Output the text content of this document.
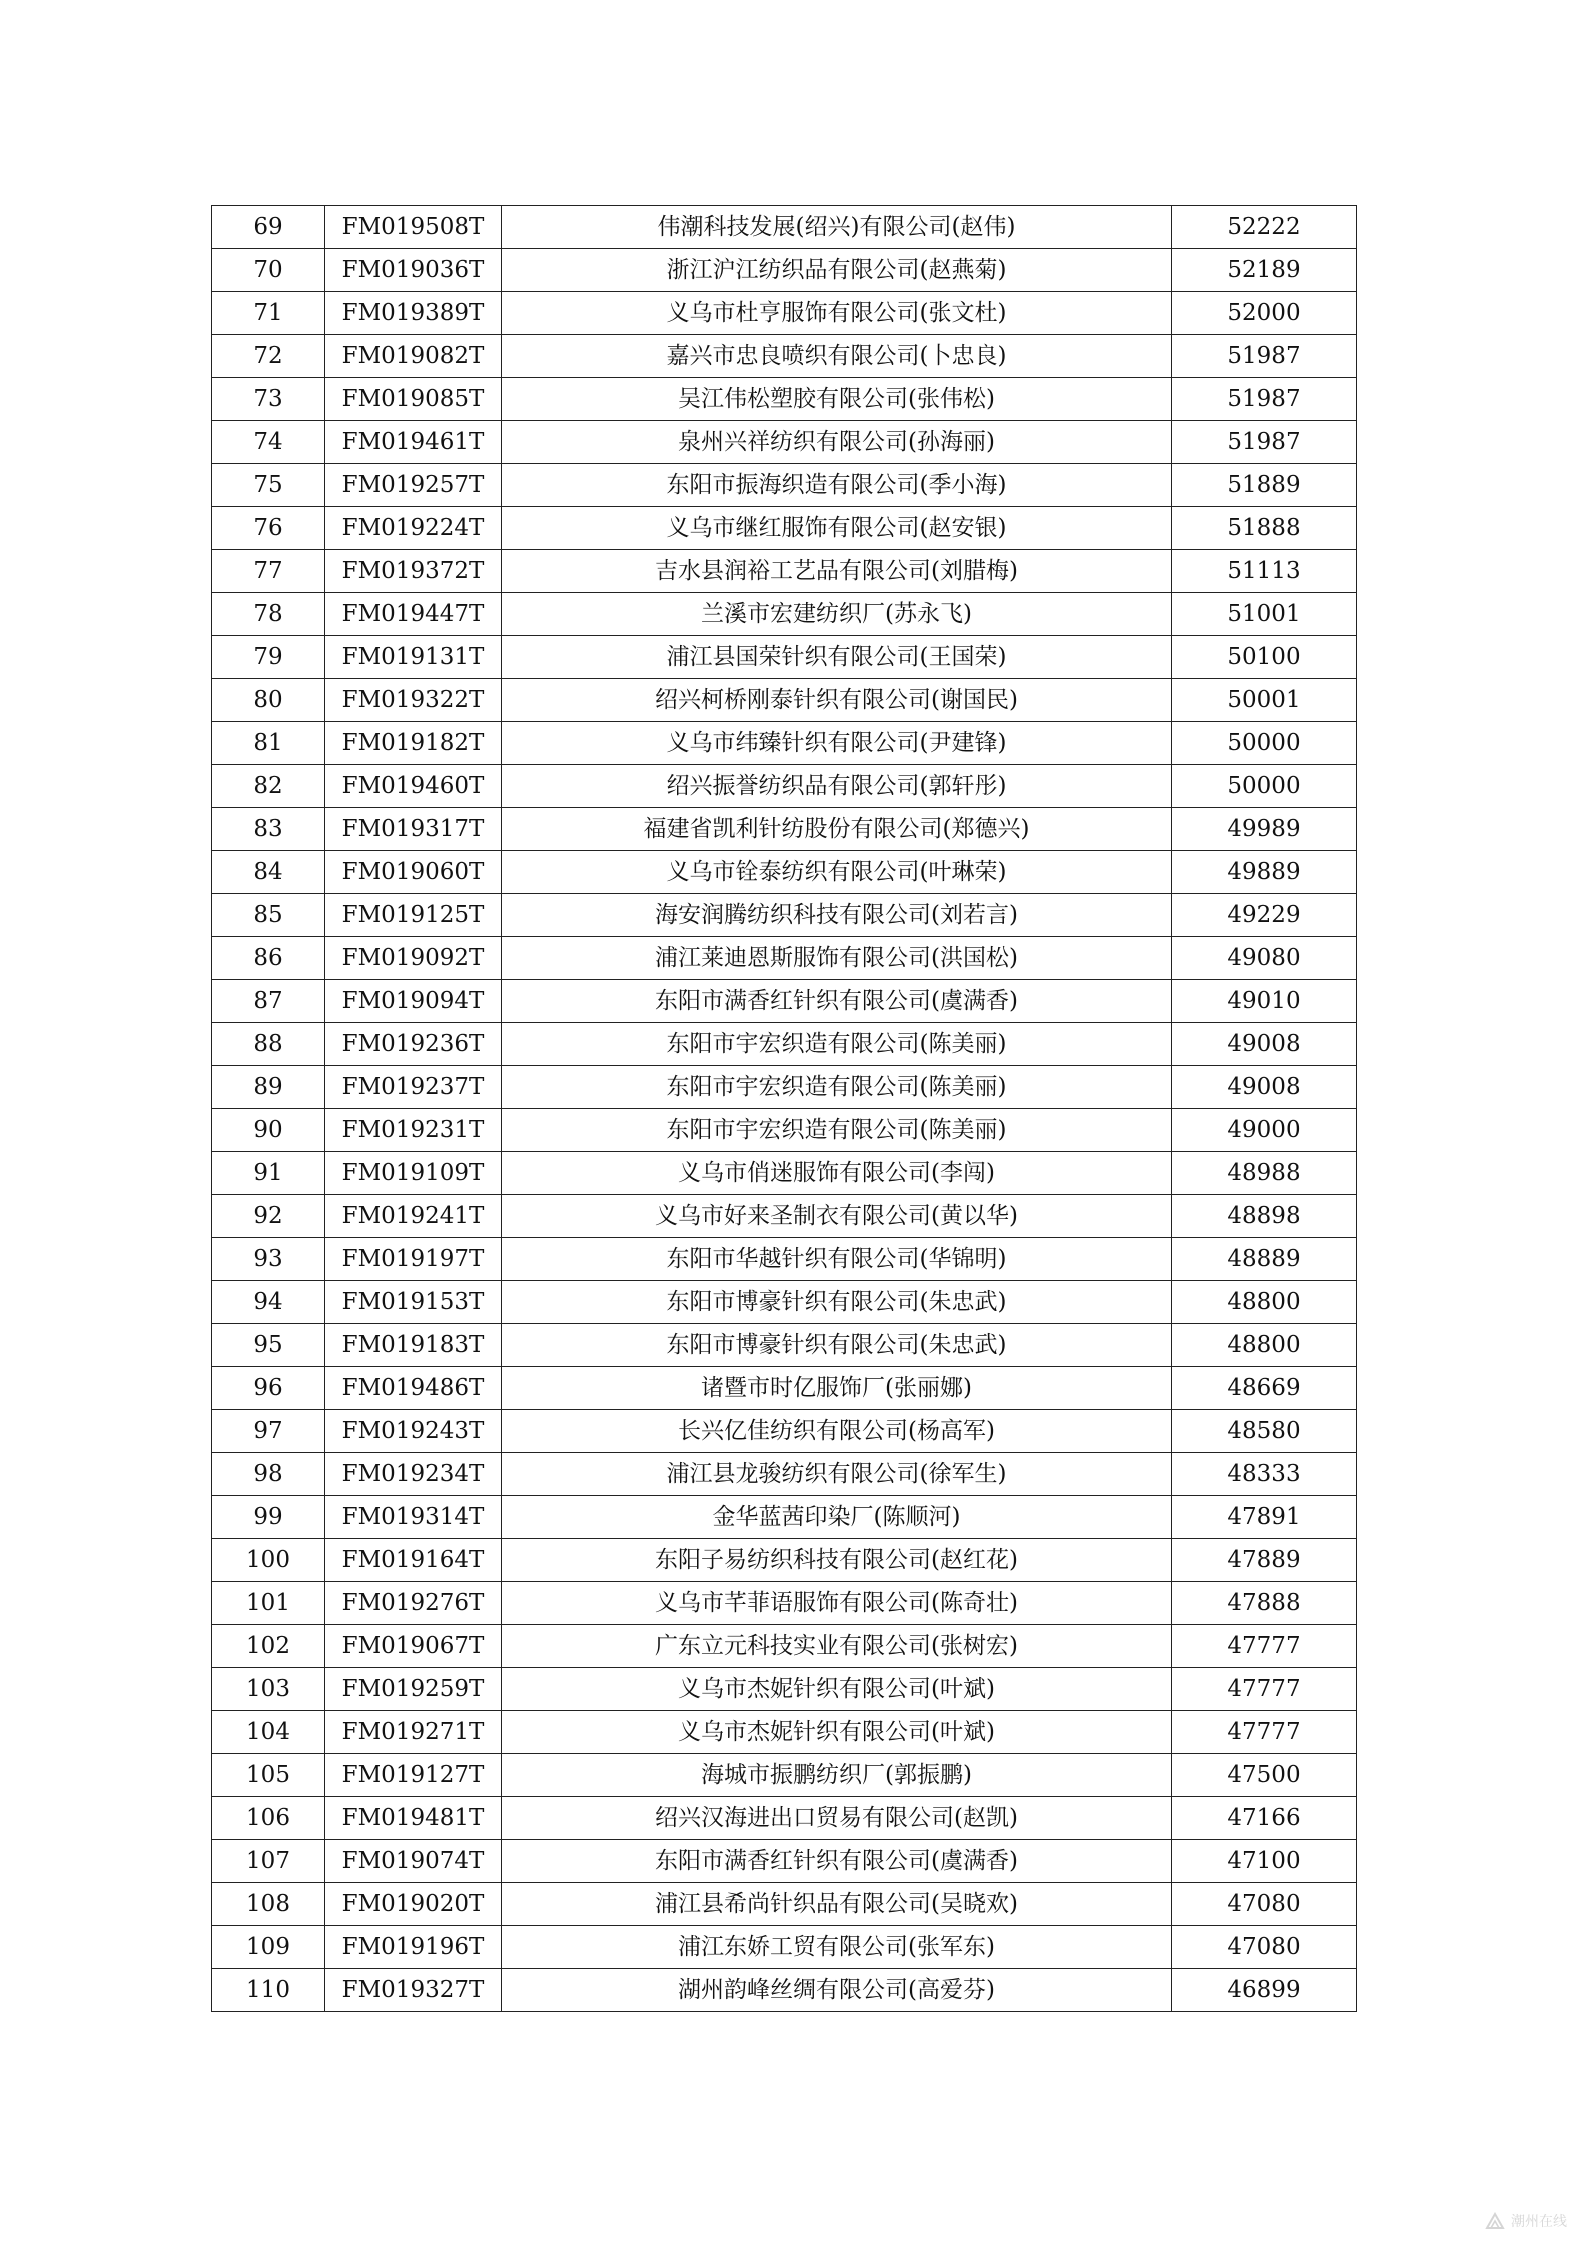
69	FM019508T	伟潮科技发展(绍兴)有限公司(赵伟)	52222
70	FM019036T	浙江沪江纺织品有限公司(赵燕菊)	52189
71	FM019389T	义乌市杜亨服饰有限公司(张文杜)	52000
72	FM019082T	嘉兴市忠良喷织有限公司(卜忠良)	51987
73	FM019085T	吴江伟松塑胶有限公司(张伟松)	51987
74	FM019461T	泉州兴祥纺织有限公司(孙海丽)	51987
75	FM019257T	东阳市振海织造有限公司(季小海)	51889
76	FM019224T	义乌市继红服饰有限公司(赵安银)	51888
77	FM019372T	吉水县润裕工艺品有限公司(刘腊梅)	51113
78	FM019447T	兰溪市宏建纺织厂(苏永飞)	51001
79	FM019131T	浦江县国荣针织有限公司(王国荣)	50100
80	FM019322T	绍兴柯桥刚泰针织有限公司(谢国民)	50001
81	FM019182T	义乌市纬臻针织有限公司(尹建锋)	50000
82	FM019460T	绍兴振誉纺织品有限公司(郭轩彤)	50000
83	FM019317T	福建省凯利针纺股份有限公司(郑德兴)	49989
84	FM019060T	义乌市铨泰纺织有限公司(叶琳荣)	49889
85	FM019125T	海安润腾纺织科技有限公司(刘若言)	49229
86	FM019092T	浦江莱迪恩斯服饰有限公司(洪国松)	49080
87	FM019094T	东阳市满香红针织有限公司(虞满香)	49010
88	FM019236T	东阳市宇宏织造有限公司(陈美丽)	49008
89	FM019237T	东阳市宇宏织造有限公司(陈美丽)	49008
90	FM019231T	东阳市宇宏织造有限公司(陈美丽)	49000
91	FM019109T	义乌市俏迷服饰有限公司(李闯)	48988
92	FM019241T	义乌市好来圣制衣有限公司(黄以华)	48898
93	FM019197T	东阳市华越针织有限公司(华锦明)	48889
94	FM019153T	东阳市博豪针织有限公司(朱忠武)	48800
95	FM019183T	东阳市博豪针织有限公司(朱忠武)	48800
96	FM019486T	诸暨市时亿服饰厂(张丽娜)	48669
97	FM019243T	长兴亿佳纺织有限公司(杨高军)	48580
98	FM019234T	浦江县龙骏纺织有限公司(徐军生)	48333
99	FM019314T	金华蓝茜印染厂(陈顺河)	47891
100	FM019164T	东阳子易纺织科技有限公司(赵红花)	47889
101	FM019276T	义乌市芊菲语服饰有限公司(陈奇壮)	47888
102	FM019067T	广东立元科技实业有限公司(张树宏)	47777
103	FM019259T	义乌市杰妮针织有限公司(叶斌)	47777
104	FM019271T	义乌市杰妮针织有限公司(叶斌)	47777
105	FM019127T	海城市振鹏纺织厂(郭振鹏)	47500
106	FM019481T	绍兴汉海进出口贸易有限公司(赵凯)	47166
107	FM019074T	东阳市满香红针织有限公司(虞满香)	47100
108	FM019020T	浦江县希尚针织品有限公司(吴晓欢)	47080
109	FM019196T	浦江东娇工贸有限公司(张军东)	47080
110	FM019327T	湖州韵峰丝绸有限公司(高爱芬)	46899
潮州在线
